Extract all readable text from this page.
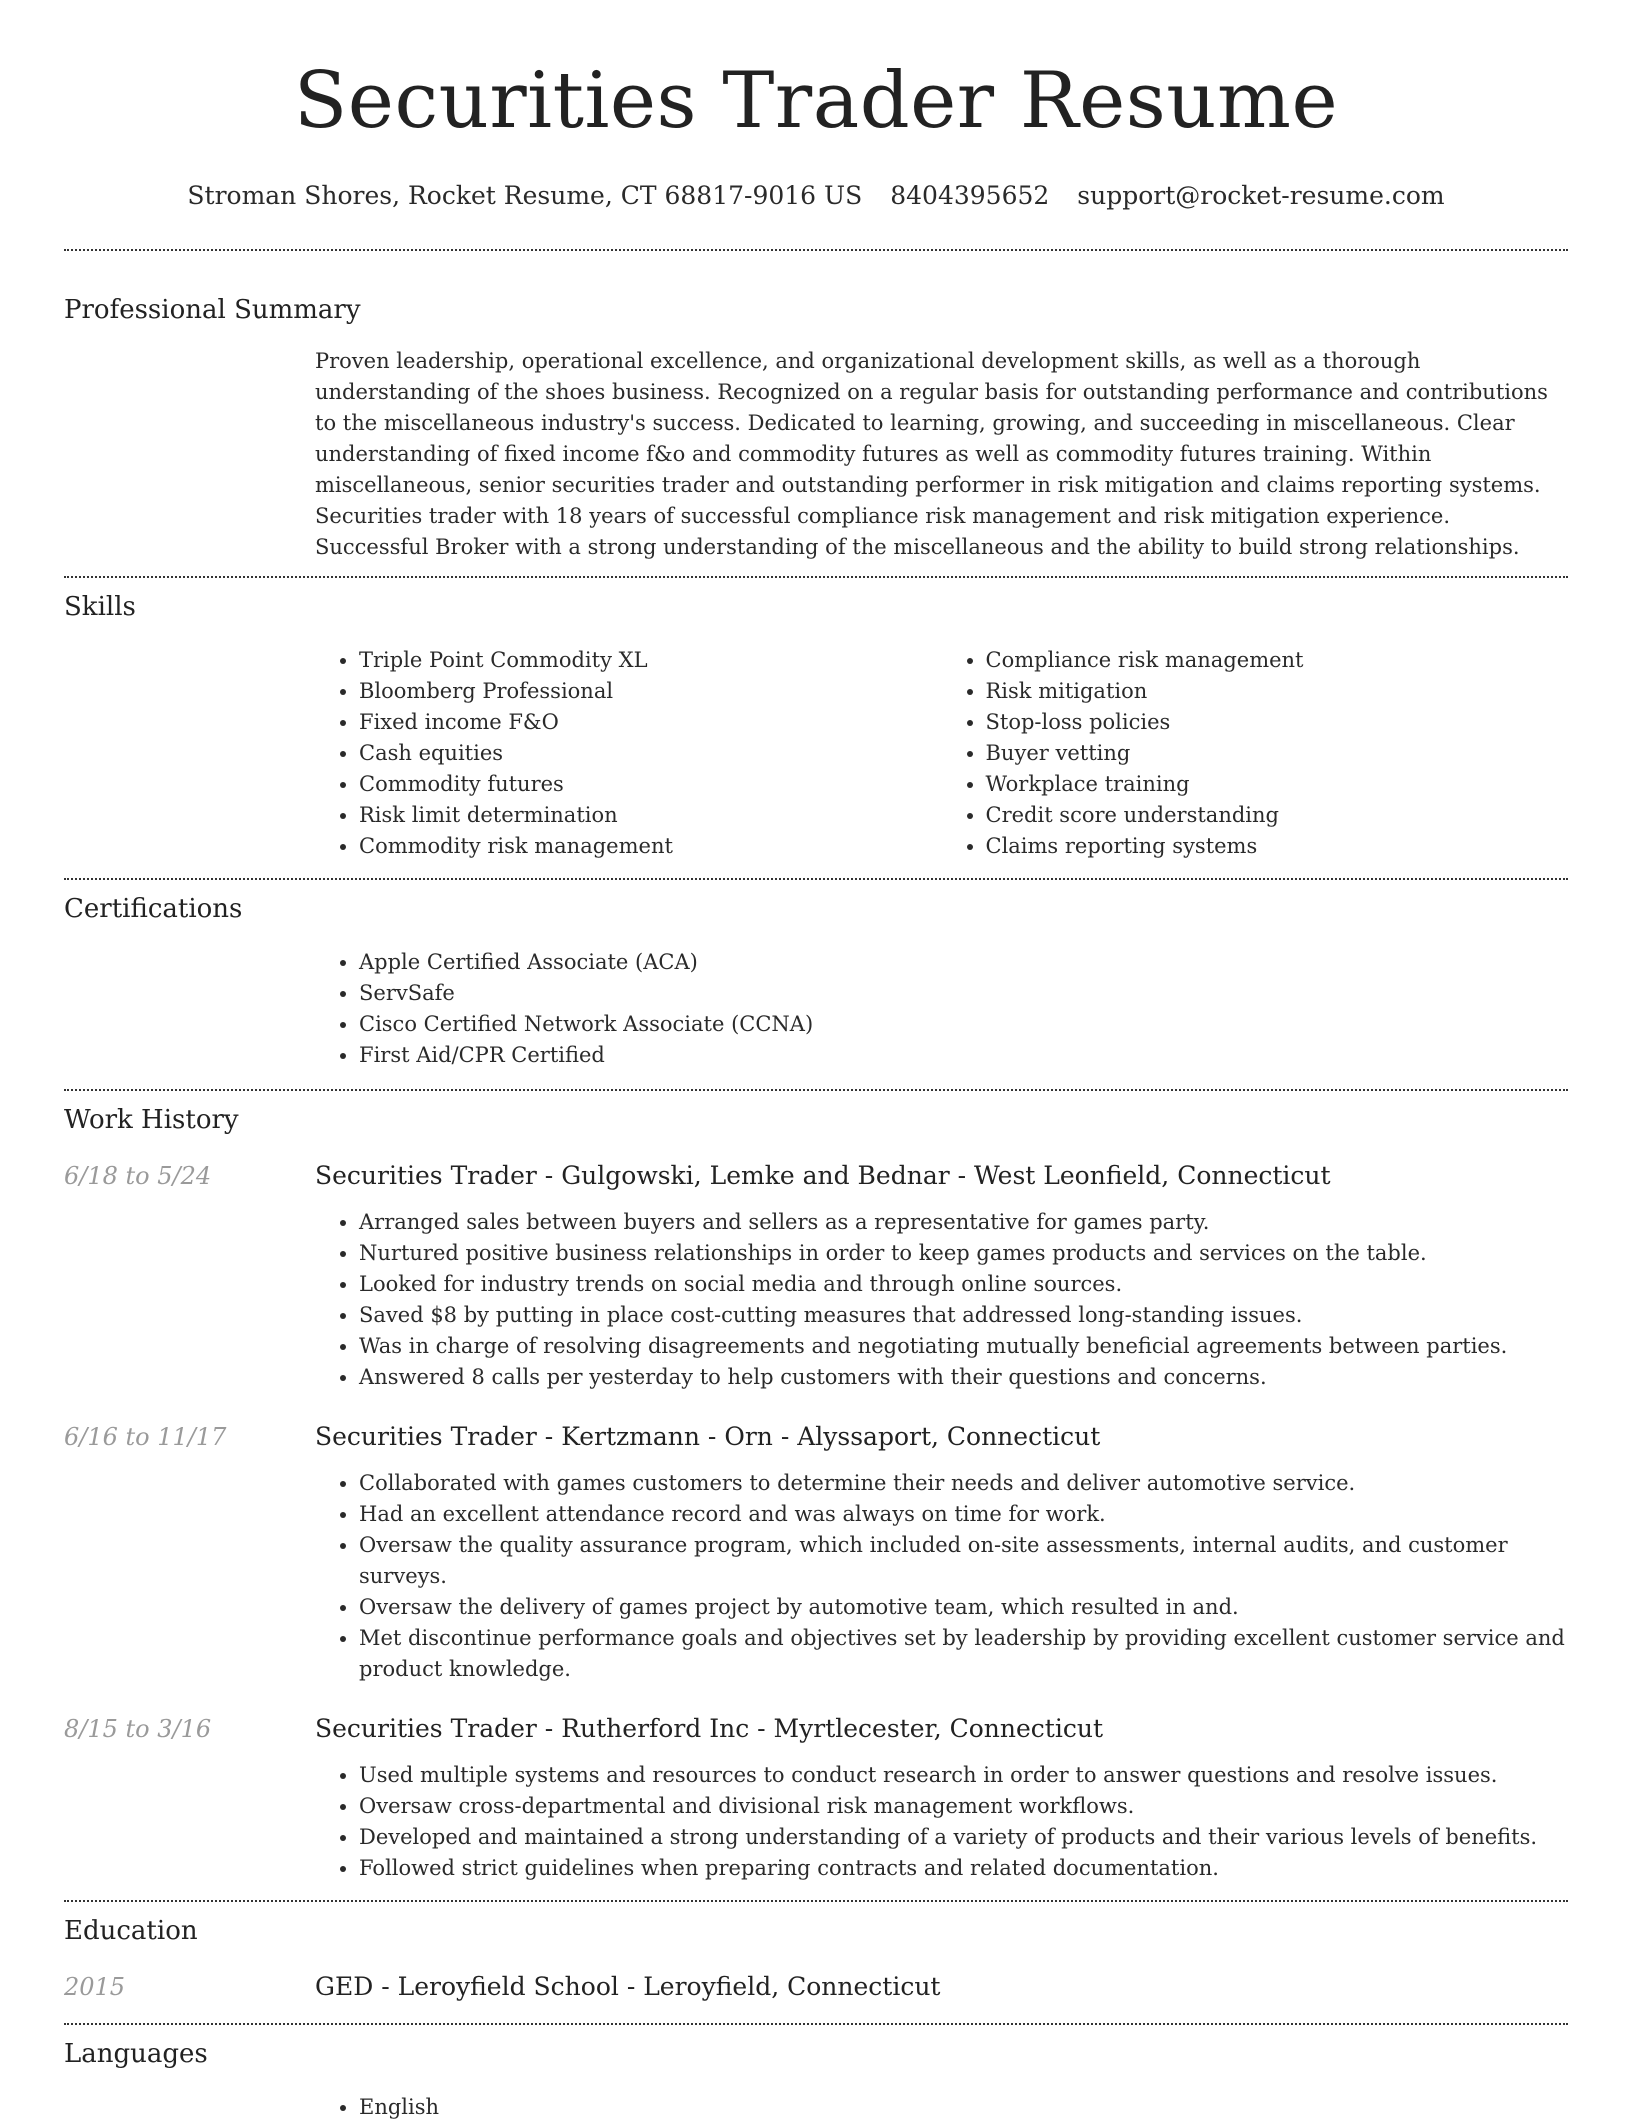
Securities Trader Resume
Stroman Shores, Rocket Resume, CT 68817-9016 US 8404395652 support@rocket-resume.com
Professional Summary

Proven leadership, operational excellence, and organizational development skills, as well as a thorough understanding of the shoes business. Recognized on a regular basis for outstanding performance and contributions to the miscellaneous industry's success. Dedicated to learning, growing, and succeeding in miscellaneous. Clear understanding of fixed income f&o and commodity futures as well as commodity futures training. Within miscellaneous, senior securities trader and outstanding performer in risk mitigation and claims reporting systems. Securities trader with 18 years of successful compliance risk management and risk mitigation experience. Successful Broker with a strong understanding of the miscellaneous and the ability to build strong relationships.

Skills
• Triple Point Commodity XL
• Bloomberg Professional
• Fixed income F&O
• Cash equities
• Commodity futures
• Risk limit determination
• Commodity risk management
• Compliance risk management
• Risk mitigation
• Stop-loss policies
• Buyer vetting
• Workplace training
• Credit score understanding
• Claims reporting systems
Certifications
• Apple Certified Associate (ACA)
• ServSafe
• Cisco Certified Network Associate (CCNA)
• First Aid/CPR Certified
Work History
6/18 to 5/24	Securities Trader - Gulgowski, Lemke and Bednar - West Leonfield, Connecticut
• Arranged sales between buyers and sellers as a representative for games party.
• Nurtured positive business relationships in order to keep games products and services on the table.
• Looked for industry trends on social media and through online sources.
• Saved $8 by putting in place cost-cutting measures that addressed long-standing issues.
• Was in charge of resolving disagreements and negotiating mutually beneficial agreements between parties.
• Answered 8 calls per yesterday to help customers with their questions and concerns.
6/16 to 11/17	Securities Trader - Kertzmann - Orn - Alyssaport, Connecticut
• Collaborated with games customers to determine their needs and deliver automotive service.
• Had an excellent attendance record and was always on time for work.
• Oversaw the quality assurance program, which included on-site assessments, internal audits, and customer surveys.
• Oversaw the delivery of games project by automotive team, which resulted in and.
• Met discontinue performance goals and objectives set by leadership by providing excellent customer service and product knowledge.
8/15 to 3/16	Securities Trader - Rutherford Inc - Myrtlecester, Connecticut
• Used multiple systems and resources to conduct research in order to answer questions and resolve issues.
• Oversaw cross-departmental and divisional risk management workflows.
• Developed and maintained a strong understanding of a variety of products and their various levels of benefits.
• Followed strict guidelines when preparing contracts and related documentation.
Education
2015	GED - Leroyfield School - Leroyfield, Connecticut
Languages
• English
